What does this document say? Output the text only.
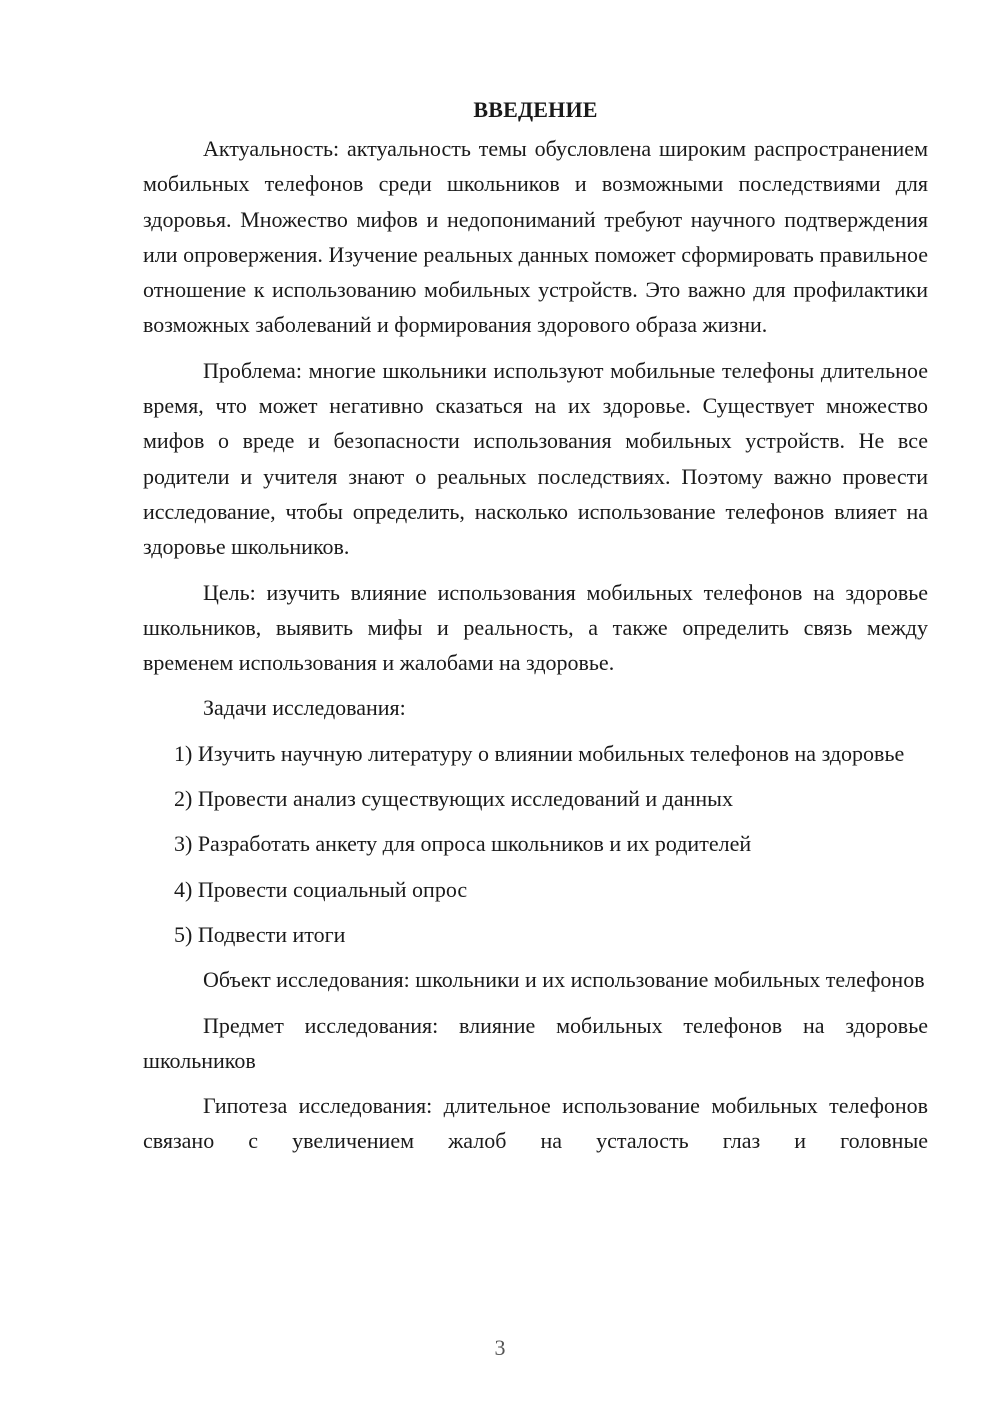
ВВЕДЕНИЕ

Актуальность: актуальность темы обусловлена широким распространением мобильных телефонов среди школьников и возможными последствиями для здоровья. Множество мифов и недопониманий требуют научного подтверждения или опровержения. Изучение реальных данных поможет сформировать правильное отношение к использованию мобильных устройств. Это важно для профилактики возможных заболеваний и формирования здорового образа жизни.

Проблема: многие школьники используют мобильные телефоны длительное время, что может негативно сказаться на их здоровье. Существует множество мифов о вреде и безопасности использования мобильных устройств. Не все родители и учителя знают о реальных последствиях. Поэтому важно провести исследование, чтобы определить, насколько использование телефонов влияет на здоровье школьников.

Цель: изучить влияние использования мобильных телефонов на здоровье школьников, выявить мифы и реальность, а также определить связь между временем использования и жалобами на здоровье.

Задачи исследования:

1) Изучить научную литературу о влиянии мобильных телефонов на здоровье

2) Провести анализ существующих исследований и данных

3) Разработать анкету для опроса школьников и их родителей

4) Провести социальный опрос

5) Подвести итоги

Объект исследования: школьники и их использование мобильных телефонов

Предмет исследования: влияние мобильных телефонов на здоровье школьников

Гипотеза исследования: длительное использование мобильных телефонов связано с увеличением жалоб на усталость глаз и головные

3
